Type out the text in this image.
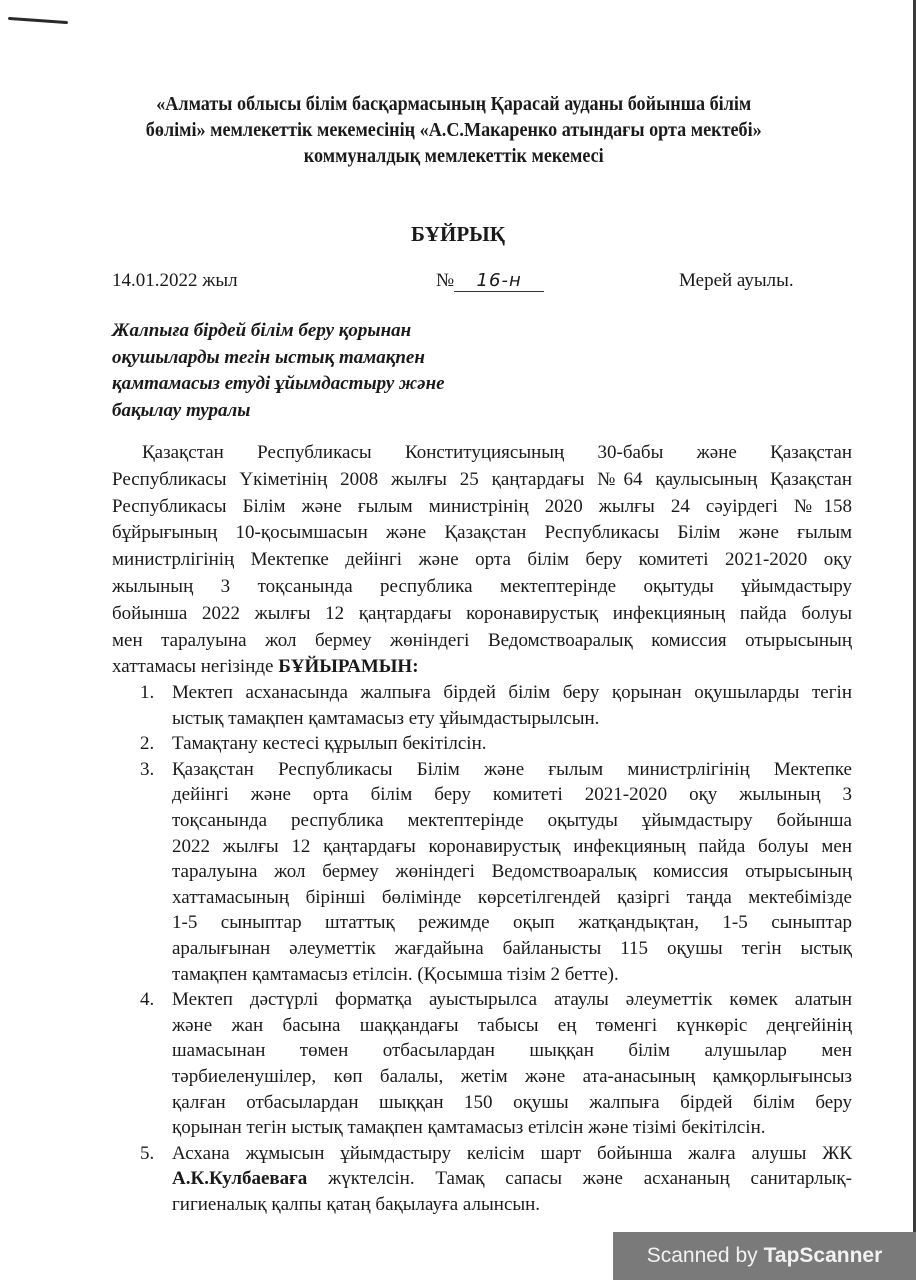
«Алматы облысы білім басқармасының Қарасай ауданы бойынша білім
бөлімі» мемлекеттік мекемесінің «А.С.Макаренко атындағы орта мектебі»
коммуналдық мемлекеттік мекемесі
БҰЙРЫҚ
14.01.2022 жыл	№ 16-н	Мерей ауылы.
Жалпыға бірдей білім беру қорынан
оқушыларды тегін ыстық тамақпен
қамтамасыз етуді ұйымдастыру және
бақылау туралы
Қазақстан Республикасы Конституциясының 30-бабы және Қазақстан
Республикасы Үкіметінің 2008 жылғы 25 қаңтардағы №64 қаулысының Қазақстан
Республикасы Білім және ғылым министрінің 2020 жылғы 24 сәуірдегі №158
бұйрығының 10-қосымшасын және Қазақстан Республикасы Білім және ғылым
министрлігінің Мектепке дейінгі және орта білім беру комитеті 2021-2020 оқу
жылының 3 тоқсанында республика мектептерінде оқытуды ұйымдастыру
бойынша 2022 жылғы 12 қаңтардағы коронавирустық инфекцияның пайда болуы
мен таралуына жол бермеу жөніндегі Ведомствоаралық комиссия отырысының
хаттамасы негізінде БҰЙЫРАМЫН:
1. Мектеп асханасында жалпыға бірдей білім беру қорынан оқушыларды тегін
ыстық тамақпен қамтамасыз ету ұйымдастырылсын.
2. Тамақтану кестесі құрылып бекітілсін.
3. Қазақстан Республикасы Білім және ғылым министрлігінің Мектепке
дейінгі және орта білім беру комитеті 2021-2020 оқу жылының 3
тоқсанында республика мектептерінде оқытуды ұйымдастыру бойынша
2022 жылғы 12 қаңтардағы коронавирустық инфекцияның пайда болуы мен
таралуына жол бермеу жөніндегі Ведомствоаралық комиссия отырысының
хаттамасының бірінші бөлімінде көрсетілгендей қазіргі таңда мектебімізде
1-5 сыныптар штаттық режимде оқып жатқандықтан, 1-5 сыныптар
аралығынан әлеуметтік жағдайына байланысты 115 оқушы тегін ыстық
тамақпен қамтамасыз етілсін. (Қосымша тізім 2 бетте).
4. Мектеп дәстүрлі форматқа ауыстырылса атаулы әлеуметтік көмек алатын
және жан басына шаққандағы табысы ең төменгі күнкөріс деңгейінің
шамасынан төмен отбасылардан шыққан білім алушылар мен
тәрбиеленушілер, көп балалы, жетім және ата-анасының қамқорлығынсыз
қалған отбасылардан шыққан 150 оқушы жалпыға бірдей білім беру
қорынан тегін ыстық тамақпен қамтамасыз етілсін және тізімі бекітілсін.
5. Асхана жұмысын ұйымдастыру келісім шарт бойынша жалға алушы ЖК
А.К.Кулбаеваға жүктелсін. Тамақ сапасы және асхананың санитарлық-
гигиеналық қалпы қатаң бақылауға алынсын.
Scanned by TapScanner
